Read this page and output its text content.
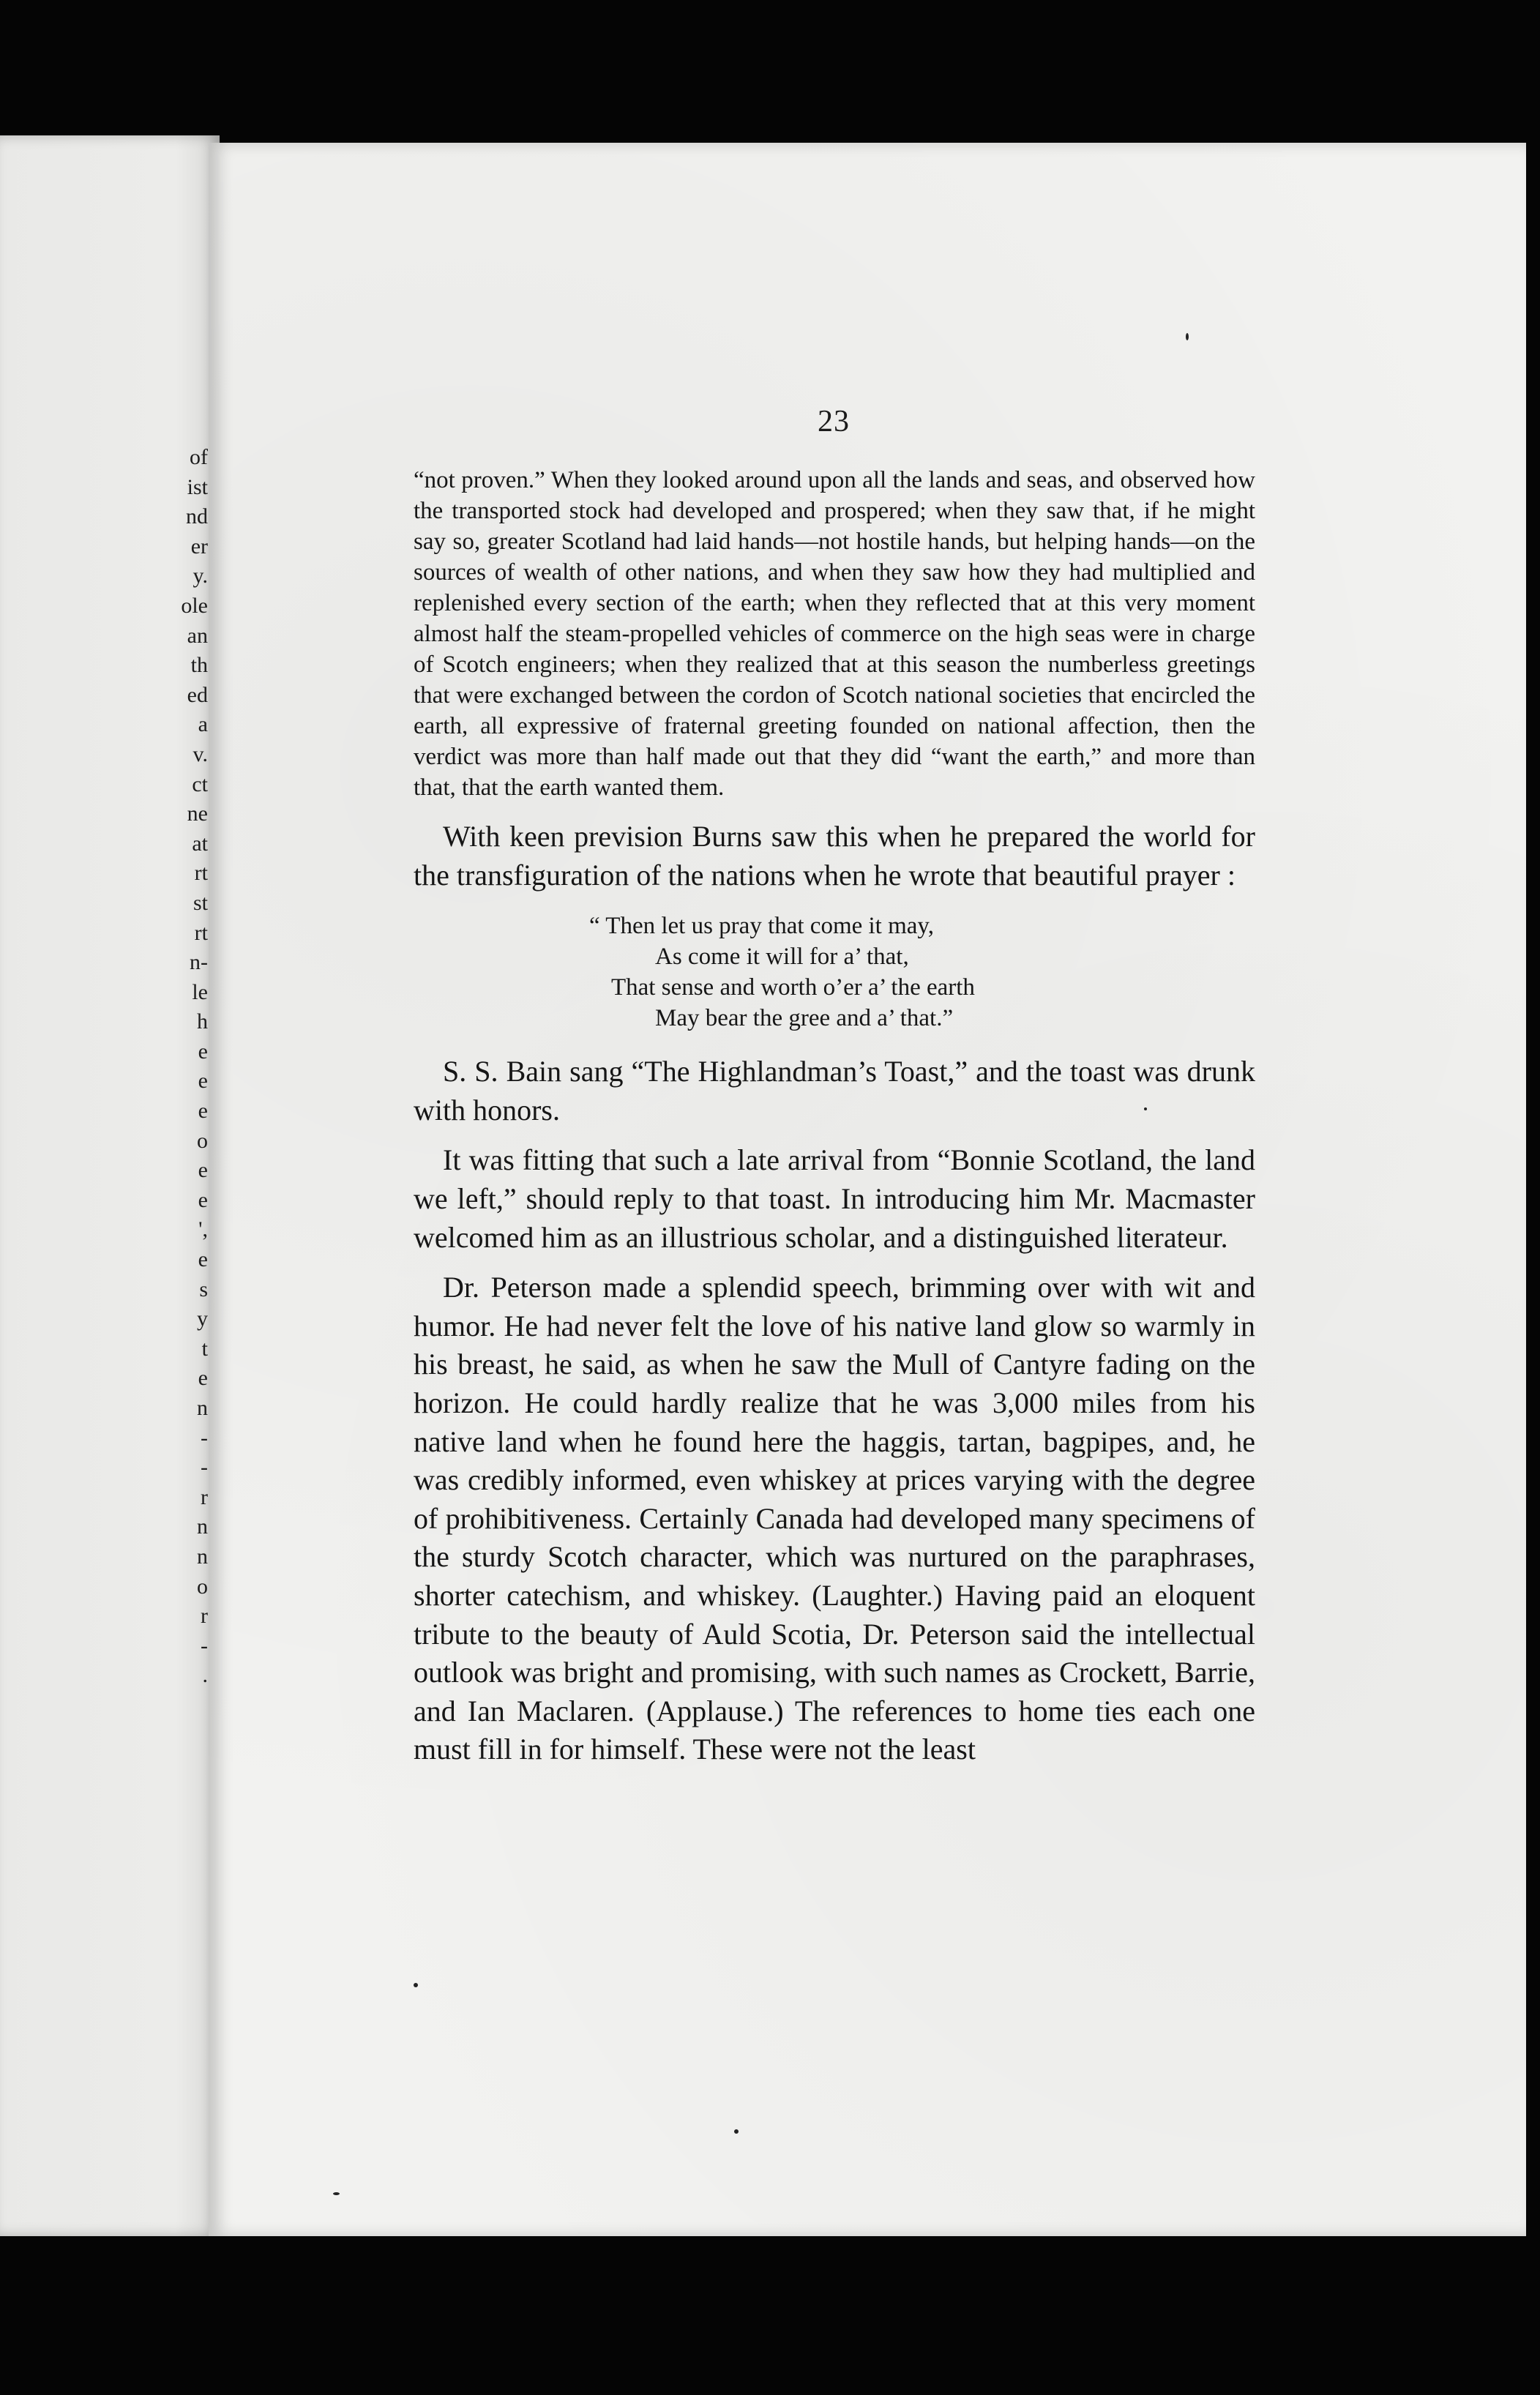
of
ist
nd
er
y.
ole
an
th
ed
a
v.
ct
ne
at
rt
st
rt
n-
le
h
e
e
e
o
e
e
',
e
s
y
t
e
n
-
-
r
n
n
o
r
-
.
23

“not proven.” When they looked around upon all the lands and seas, and observed how the transported stock had developed and prospered; when they saw that, if he might say so, greater Scotland had laid hands—not hostile hands, but helping hands—on the sources of wealth of other nations, and when they saw how they had multiplied and replenished every section of the earth; when they reflected that at this very moment almost half the steam-propelled vehicles of commerce on the high seas were in charge of Scotch engineers; when they realized that at this season the numberless greetings that were exchanged between the cordon of Scotch national societies that encircled the earth, all expressive of fraternal greeting founded on national affection, then the verdict was more than half made out that they did “want the earth,” and more than that, that the earth wanted them.

With keen prevision Burns saw this when he prepared the world for the transfiguration of the nations when he wrote that beautiful prayer :

“ Then let us pray that come it may,
As come it will for a’ that,
That sense and worth o’er a’ the earth
May bear the gree and a’ that.”

S. S. Bain sang “The Highlandman’s Toast,” and the toast was drunk with honors.

It was fitting that such a late arrival from “Bonnie Scotland, the land we left,” should reply to that toast. In introducing him Mr. Macmaster welcomed him as an illustrious scholar, and a distinguished literateur.

Dr. Peterson made a splendid speech, brimming over with wit and humor. He had never felt the love of his native land glow so warmly in his breast, he said, as when he saw the Mull of Cantyre fading on the horizon. He could hardly realize that he was 3,000 miles from his native land when he found here the haggis, tartan, bagpipes, and, he was credibly informed, even whiskey at prices varying with the degree of prohibitiveness. Certainly Canada had developed many specimens of the sturdy Scotch character, which was nurtured on the paraphrases, shorter catechism, and whiskey. (Laughter.) Having paid an eloquent tribute to the beauty of Auld Scotia, Dr. Peterson said the intellectual outlook was bright and promising, with such names as Crockett, Barrie, and Ian Maclaren. (Applause.) The references to home ties each one must fill in for himself. These were not the least
